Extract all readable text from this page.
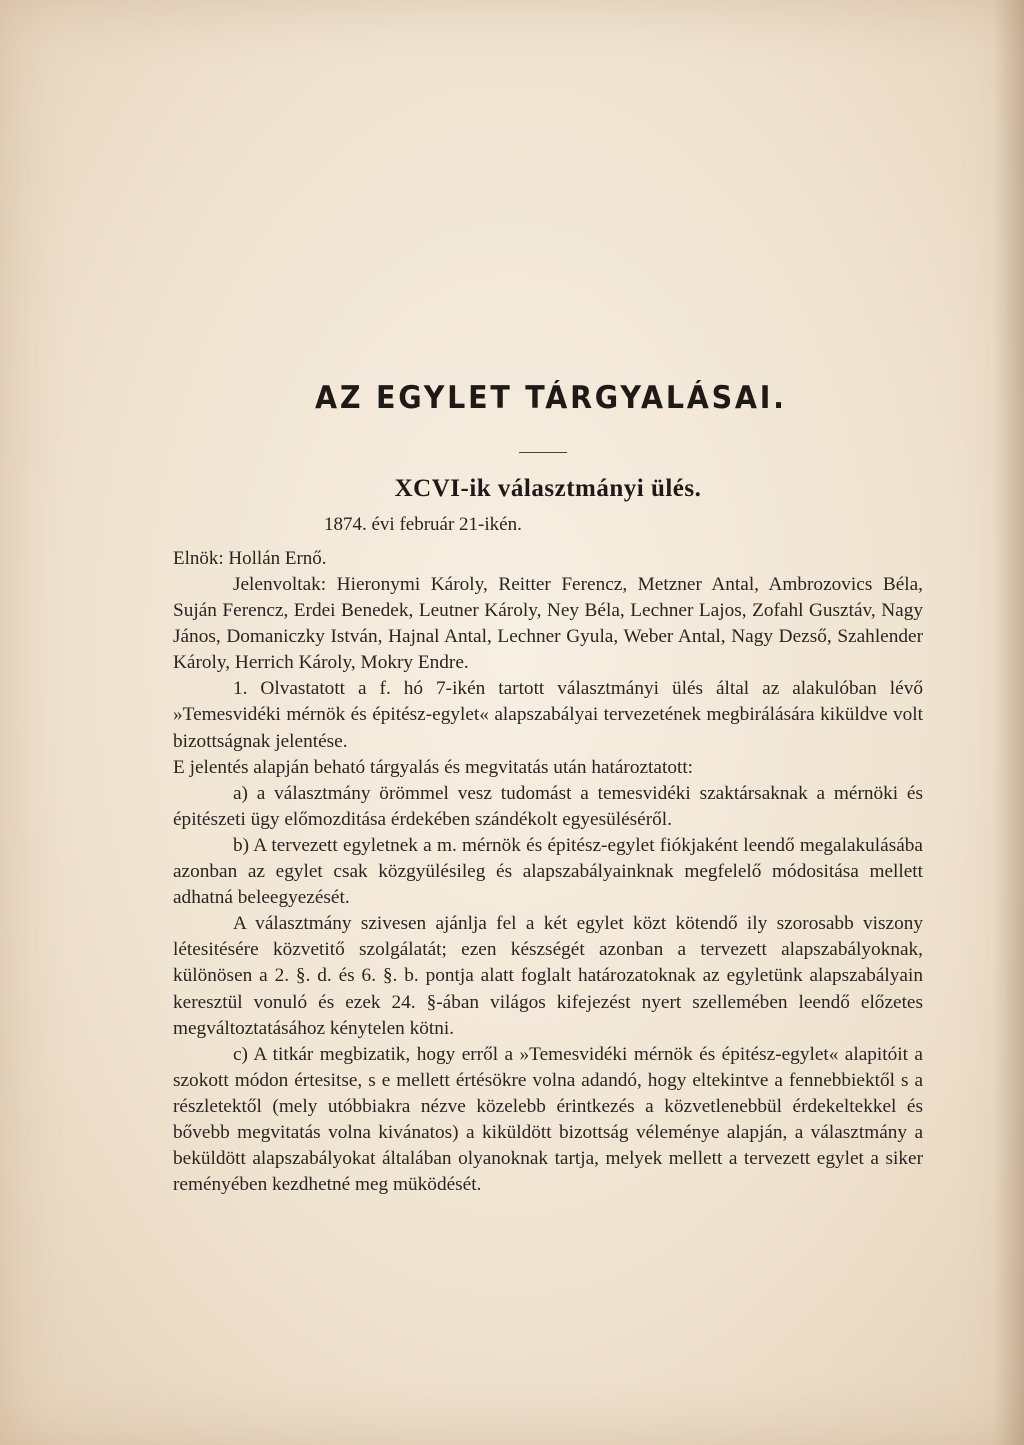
AZ EGYLET TÁRGYALÁSAI.
XCVI-ik választmányi ülés.
1874. évi február 21-ikén.
Elnök: Hollán Ernő.

Jelenvoltak: Hieronymi Károly, Reitter Ferencz, Metzner Antal, Ambrozovics Béla, Suján Ferencz, Erdei Benedek, Leutner Károly, Ney Béla, Lechner Lajos, Zofahl Gusztáv, Nagy János, Domaniczky István, Hajnal Antal, Lechner Gyula, Weber Antal, Nagy Dezső, Szahlender Károly, Herrich Károly, Mokry Endre.

1. Olvastatott a f. hó 7-ikén tartott választmányi ülés által az alakulóban lévő »Temesvidéki mérnök és épitész-egylet« alapszabályai tervezetének megbirálására kiküldve volt bizottságnak jelentése.

E jelentés alapján beható tárgyalás és megvitatás után határoztatott:

a) a választmány örömmel vesz tudomást a temesvidéki szaktársaknak a mérnöki és épitészeti ügy előmozditása érdekében szándékolt egyesüléséről.

b) A tervezett egyletnek a m. mérnök és épitész-egylet fiókjaként leendő megalakulásába azonban az egylet csak közgyülésileg és alapszabályainknak megfelelő módositása mellett adhatná beleegyezését.

A választmány szivesen ajánlja fel a két egylet közt kötendő ily szorosabb viszony létesitésére közvetitő szolgálatát; ezen készségét azonban a tervezett alapszabályoknak, különösen a 2. §. d. és 6. §. b. pontja alatt foglalt határozatoknak az egyletünk alapszabályain keresztül vonuló és ezek 24. §-ában világos kifejezést nyert szellemében leendő előzetes megváltoztatásához kénytelen kötni.

c) A titkár megbizatik, hogy erről a »Temesvidéki mérnök és épitész-egylet« alapitóit a szokott módon értesitse, s e mellett értésökre volna adandó, hogy eltekintve a fennebbiektől s a részletektől (mely utóbbiakra nézve közelebb érintkezés a közvetlenebbül érdekeltekkel és bővebb megvitatás volna kivánatos) a kiküldött bizottság véleménye alapján, a választmány a beküldött alapszabályokat általában olyanoknak tartja, melyek mellett a tervezett egylet a siker reményében kezdhetné meg müködését.
